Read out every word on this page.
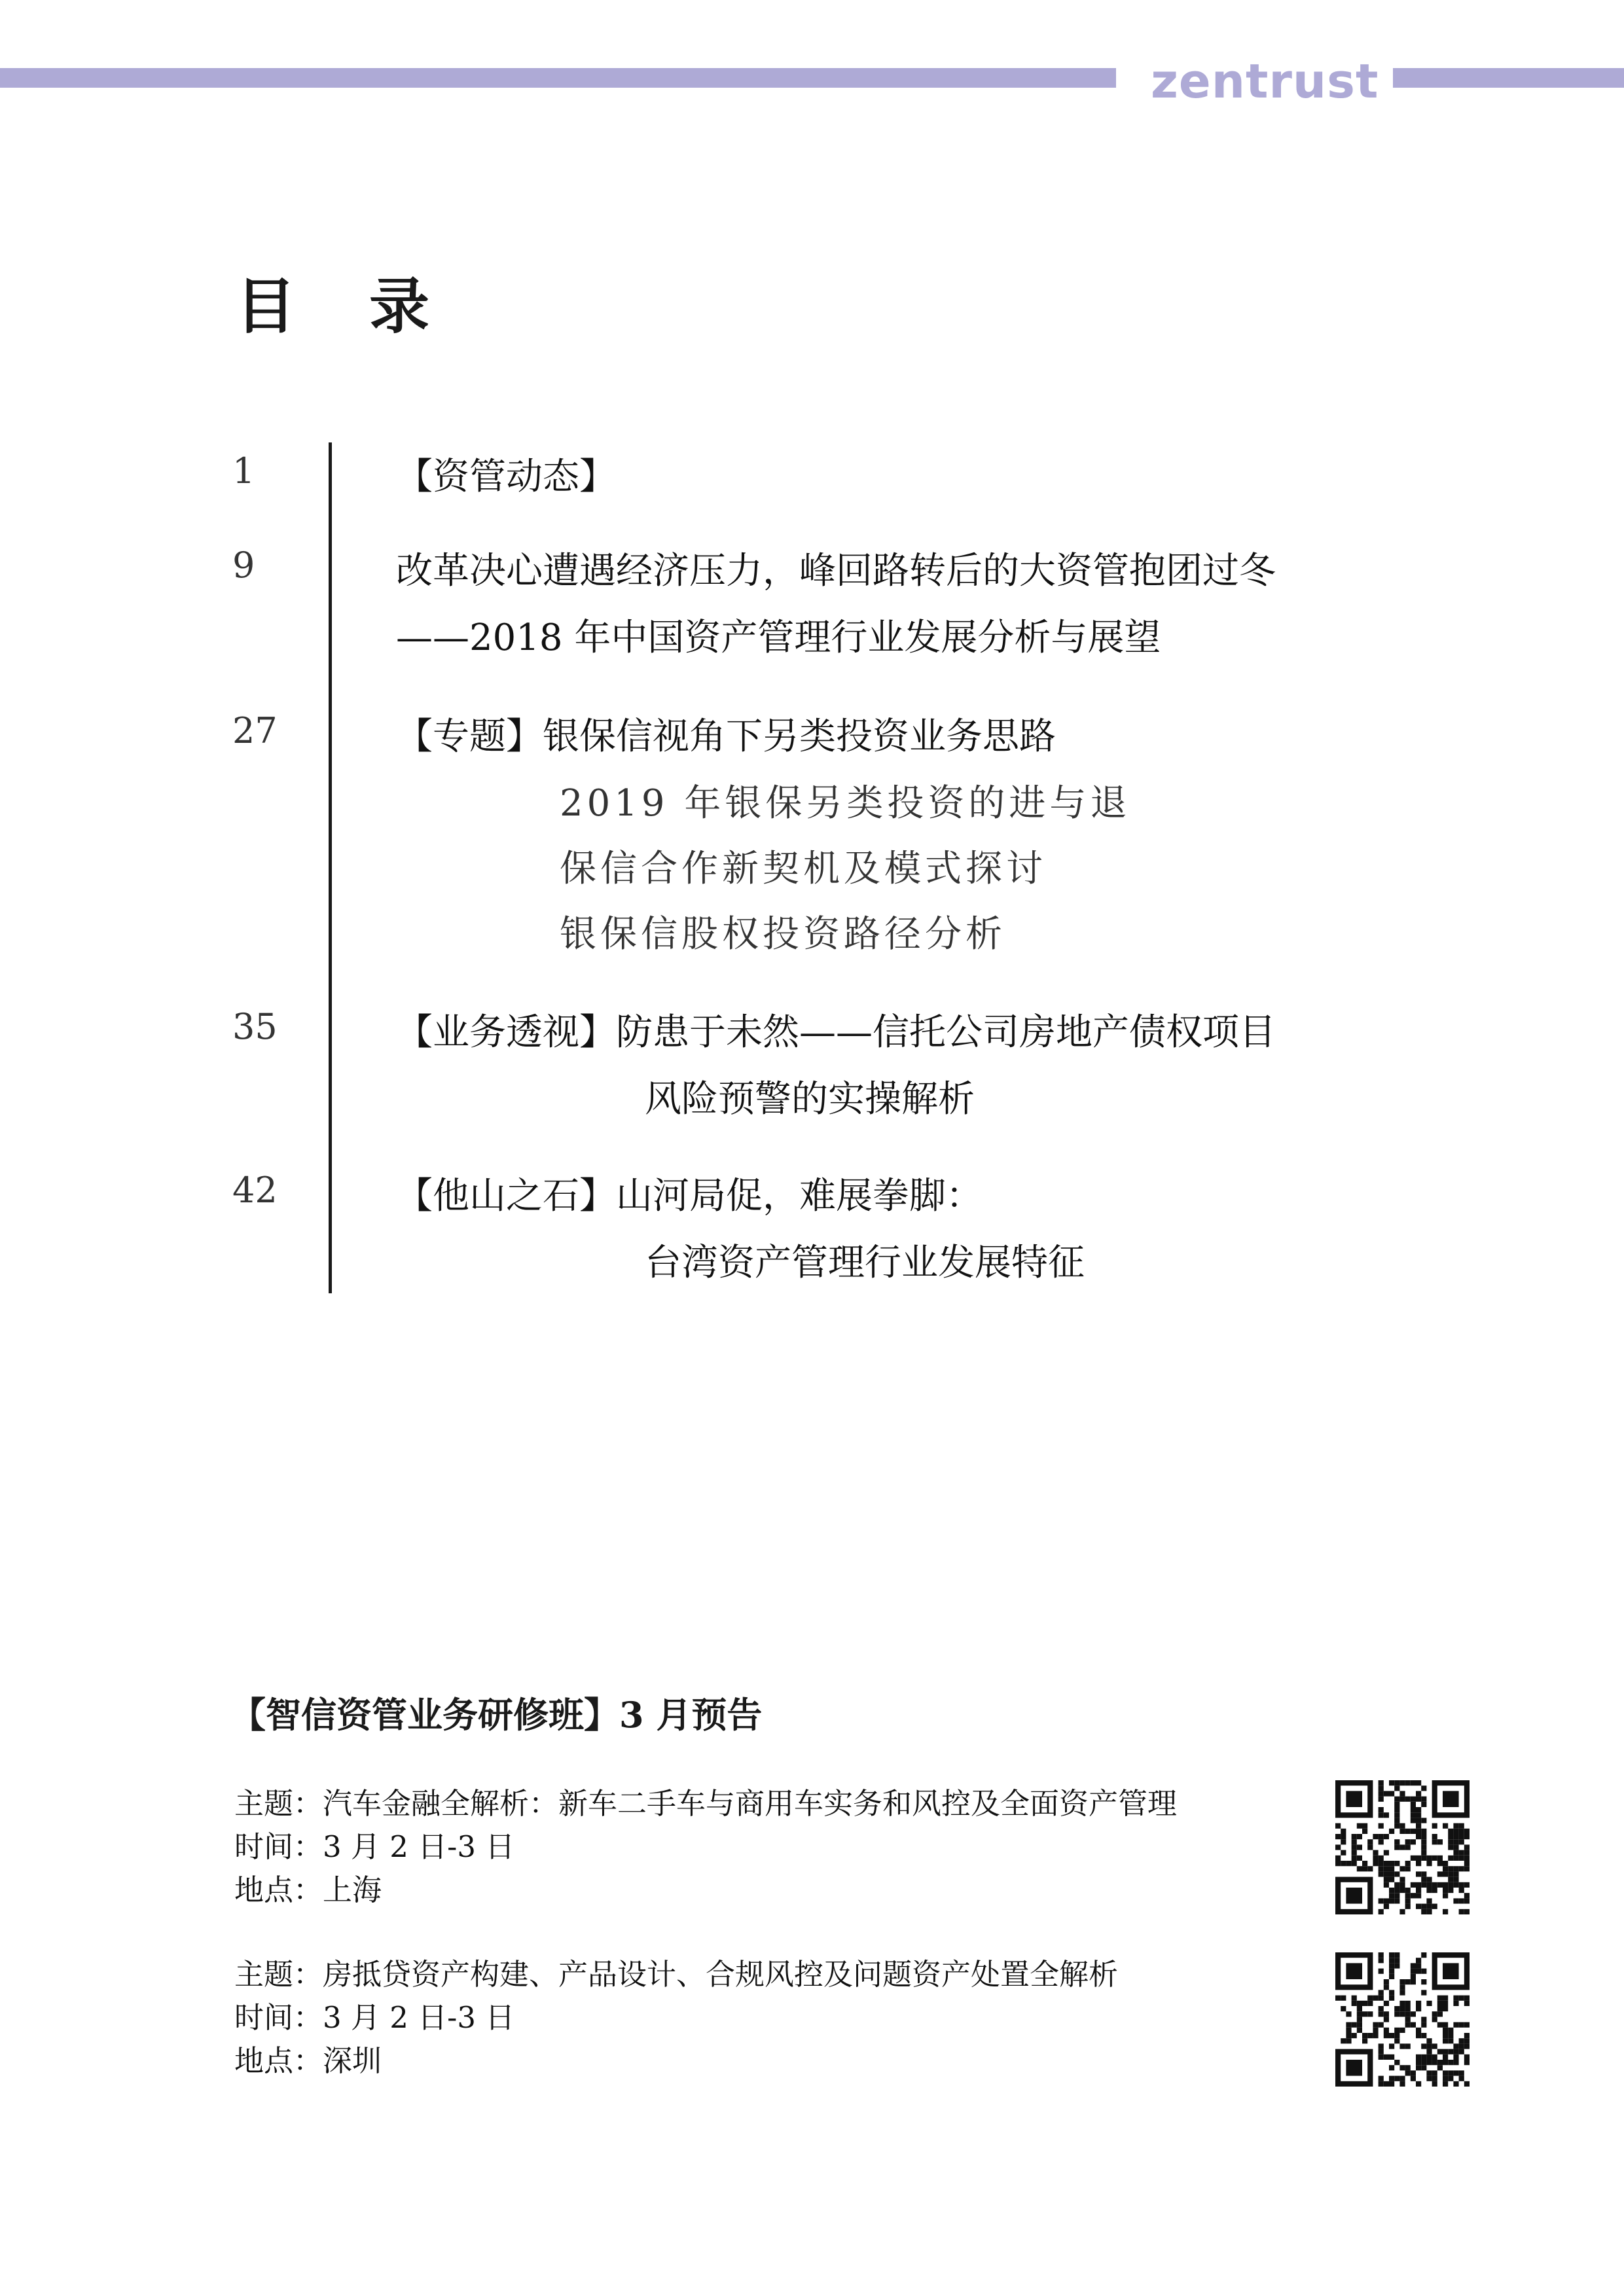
zentrust
目 录
1	【资管动态】
9	改革决心遭遇经济压力，峰回路转后的大资管抱团过冬
——2018 年中国资产管理行业发展分析与展望
27	【专题】银保信视角下另类投资业务思路
2019 年银保另类投资的进与退
保信合作新契机及模式探讨
银保信股权投资路径分析
35	【业务透视】防患于未然——信托公司房地产债权项目
风险预警的实操解析
42	【他山之石】山河局促，难展拳脚：
台湾资产管理行业发展特征
【智信资管业务研修班】3 月预告
主题：汽车金融全解析：新车二手车与商用车实务和风控及全面资产管理
时间：3 月 2 日-3 日
地点：上海
主题：房抵贷资产构建、产品设计、合规风控及问题资产处置全解析
时间：3 月 2 日-3 日
地点：深圳
